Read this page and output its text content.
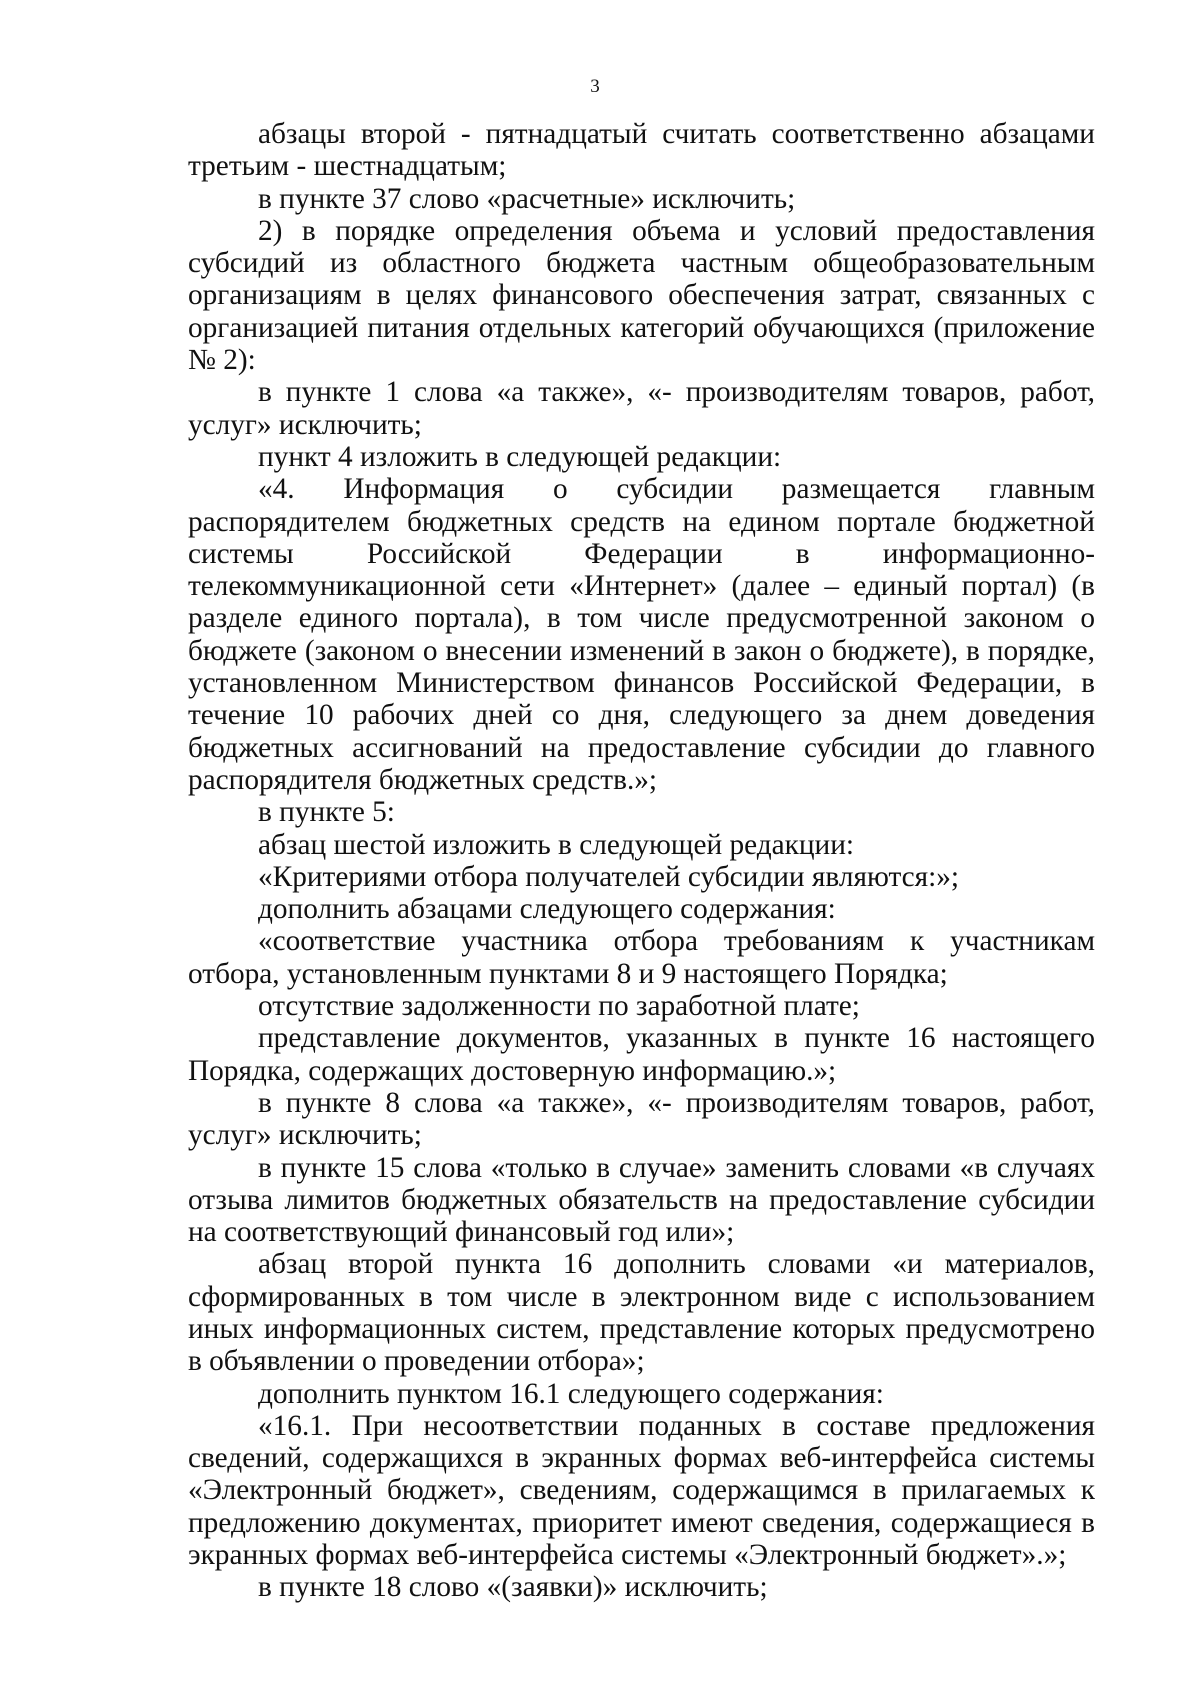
3

абзацы второй - пятнадцатый считать соответственно абзацами третьим - шестнадцатым;

в пункте 37 слово «расчетные» исключить;

2) в порядке определения объема и условий предоставления субсидий из областного бюджета частным общеобразовательным организациям в целях финансового обеспечения затрат, связанных с организацией питания отдельных категорий обучающихся (приложение № 2):

в пункте 1 слова «а также», «- производителям товаров, работ, услуг» исключить;

пункт 4 изложить в следующей редакции:

«4. Информация о субсидии размещается главным распорядителем бюджетных средств на едином портале бюджетной системы Российской Федерации в информационно-телекоммуникационной сети «Интернет» (далее – единый портал) (в разделе единого портала), в том числе предусмотренной законом о бюджете (законом о внесении изменений в закон о бюджете), в порядке, установленном Министерством финансов Российской Федерации, в течение 10 рабочих дней со дня, следующего за днем доведения бюджетных ассигнований на предоставление субсидии до главного распорядителя бюджетных средств.»;

в пункте 5:

абзац шестой изложить в следующей редакции:

«Критериями отбора получателей субсидии являются:»;

дополнить абзацами следующего содержания:

«соответствие участника отбора требованиям к участникам отбора, установленным пунктами 8 и 9 настоящего Порядка;

отсутствие задолженности по заработной плате;

представление документов, указанных в пункте 16 настоящего Порядка, содержащих достоверную информацию.»;

в пункте 8 слова «а также», «- производителям товаров, работ, услуг» исключить;

в пункте 15 слова «только в случае» заменить словами «в случаях отзыва лимитов бюджетных обязательств на предоставление субсидии на соответствующий финансовый год или»;

абзац второй пункта 16 дополнить словами «и материалов, сформированных в том числе в электронном виде с использованием иных информационных систем, представление которых предусмотрено в объявлении о проведении отбора»;

дополнить пунктом 16.1 следующего содержания:

«16.1. При несоответствии поданных в составе предложения сведений, содержащихся в экранных формах веб-интерфейса системы «Электронный бюджет», сведениям, содержащимся в прилагаемых к предложению документах, приоритет имеют сведения, содержащиеся в экранных формах веб-интерфейса системы «Электронный бюджет».»;

в пункте 18 слово «(заявки)» исключить;
